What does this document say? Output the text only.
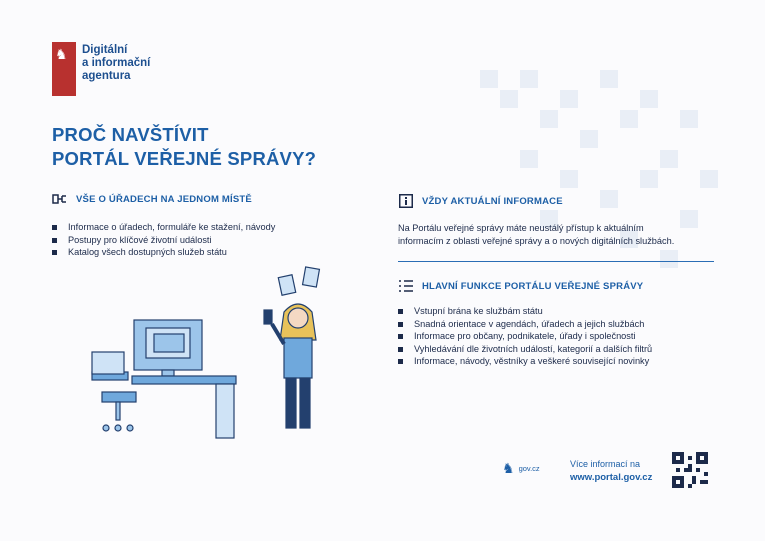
♞ Digitální
a informační
agentura
PROČ NAVŠTÍVIT
PORTÁL VEŘEJNÉ SPRÁVY?
VŠE O ÚŘADECH NA JEDNOM MÍSTĚ
Informace o úřadech, formuláře ke stažení, návody
Postupy pro klíčové životní události
Katalog všech dostupných služeb státu
VŽDY AKTUÁLNÍ INFORMACE
Na Portálu veřejné správy máte neustálý přístup k aktuálním
informacím z oblasti veřejné správy a o nových digitálních službách.
HLAVNÍ FUNKCE PORTÁLU VEŘEJNÉ SPRÁVY
Vstupní brána ke službám státu
Snadná orientace v agendách, úřadech a jejich službách
Informace pro občany, podnikatele, úřady i společnosti
Vyhledávání dle životních událostí, kategorií a dalších filtrů
Informace, návody, věstníky a veškeré související novinky
♞ gov.cz	Více informací na
www.portal.gov.cz
